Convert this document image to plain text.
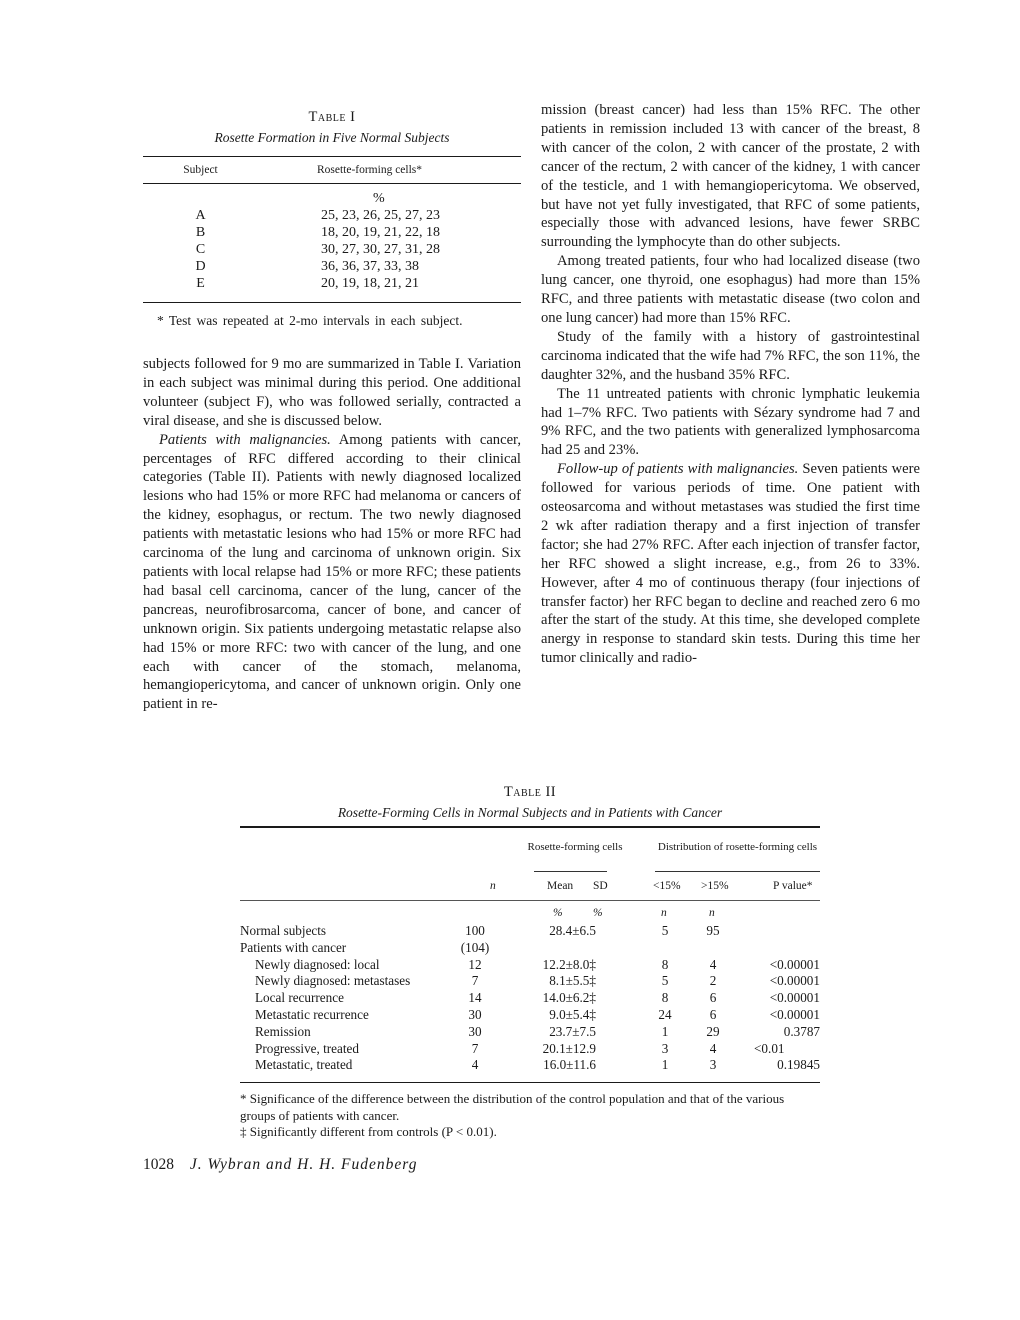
Table I
Rosette Formation in Five Normal Subjects
Subject	Rosette-forming cells*
%
A	25, 23, 26, 25, 27, 23
B	18, 20, 19, 21, 22, 18
C	30, 27, 30, 27, 31, 28
D	36, 36, 37, 33, 38
E	20, 19, 18, 21, 21
* Test was repeated at 2-mo intervals in each subject.

subjects followed for 9 mo are summarized in Table I. Variation in each subject was minimal during this period. One additional volunteer (subject F), who was followed serially, contracted a viral disease, and she is discussed below.

Patients with malignancies. Among patients with cancer, percentages of RFC differed according to their clinical categories (Table II). Patients with newly diagnosed localized lesions who had 15% or more RFC had melanoma or cancers of the kidney, esophagus, or rectum. The two newly diagnosed patients with metastatic lesions who had 15% or more RFC had carcinoma of the lung and carcinoma of unknown origin. Six patients with local relapse had 15% or more RFC; these patients had basal cell carcinoma, cancer of the lung, cancer of the pancreas, neurofibrosarcoma, cancer of bone, and cancer of unknown origin. Six patients undergoing metastatic relapse also had 15% or more RFC: two with cancer of the lung, and one each with cancer of the stomach, melanoma, hemangiopericytoma, and cancer of unknown origin. Only one patient in re-

mission (breast cancer) had less than 15% RFC. The other patients in remission included 13 with cancer of the breast, 8 with cancer of the colon, 2 with cancer of the prostate, 2 with cancer of the rectum, 2 with cancer of the kidney, 1 with cancer of the testicle, and 1 with hemangiopericytoma. We observed, but have not yet fully investigated, that RFC of some patients, especially those with advanced lesions, have fewer SRBC surrounding the lymphocyte than do other subjects.

Among treated patients, four who had localized disease (two lung cancer, one thyroid, one esophagus) had more than 15% RFC, and three patients with metastatic disease (two colon and one lung cancer) had more than 15% RFC.

Study of the family with a history of gastrointestinal carcinoma indicated that the wife had 7% RFC, the son 11%, the daughter 32%, and the husband 35% RFC.

The 11 untreated patients with chronic lymphatic leukemia had 1–7% RFC. Two patients with Sézary syndrome had 7 and 9% RFC, and the two patients with generalized lymphosarcoma had 25 and 23%.

Follow-up of patients with malignancies. Seven patients were followed for various periods of time. One patient with osteosarcoma and without metastases was studied the first time 2 wk after radiation therapy and a first injection of transfer factor; she had 27% RFC. After each injection of transfer factor, her RFC showed a slight increase, e.g., from 26 to 33%. However, after 4 mo of continuous therapy (four injections of transfer factor) her RFC began to decline and reached zero 6 mo after the start of the study. At this time, she developed complete anergy in response to standard skin tests. During this time her tumor clinically and radio-

Table II
Rosette-Forming Cells in Normal Subjects and in Patients with Cancer
Rosette-forming cells	Distribution of rosette-forming cells
n	Mean SD	<15% >15%	P value*
%	%	n	n
Normal subjects	100	28.4±6.5	5	95
Patients with cancer	(104)
Newly diagnosed: local	12	12.2±8.0‡	8	4	<0.00001
Newly diagnosed: metastases	7	8.1±5.5‡	5	2	<0.00001
Local recurrence	14	14.0±6.2‡	8	6	<0.00001
Metastatic recurrence	30	9.0±5.4‡	24	6	<0.00001
Remission	30	23.7±7.5	1	29	0.3787
Progressive, treated	7	20.1±12.9	3	4	<0.01
Metastatic, treated	4	16.0±11.6	1	3	0.19845

* Significance of the difference between the distribution of the control population and that of the various groups of patients with cancer.

‡ Significantly different from controls (P < 0.01).

1028 J. Wybran and H. H. Fudenberg
